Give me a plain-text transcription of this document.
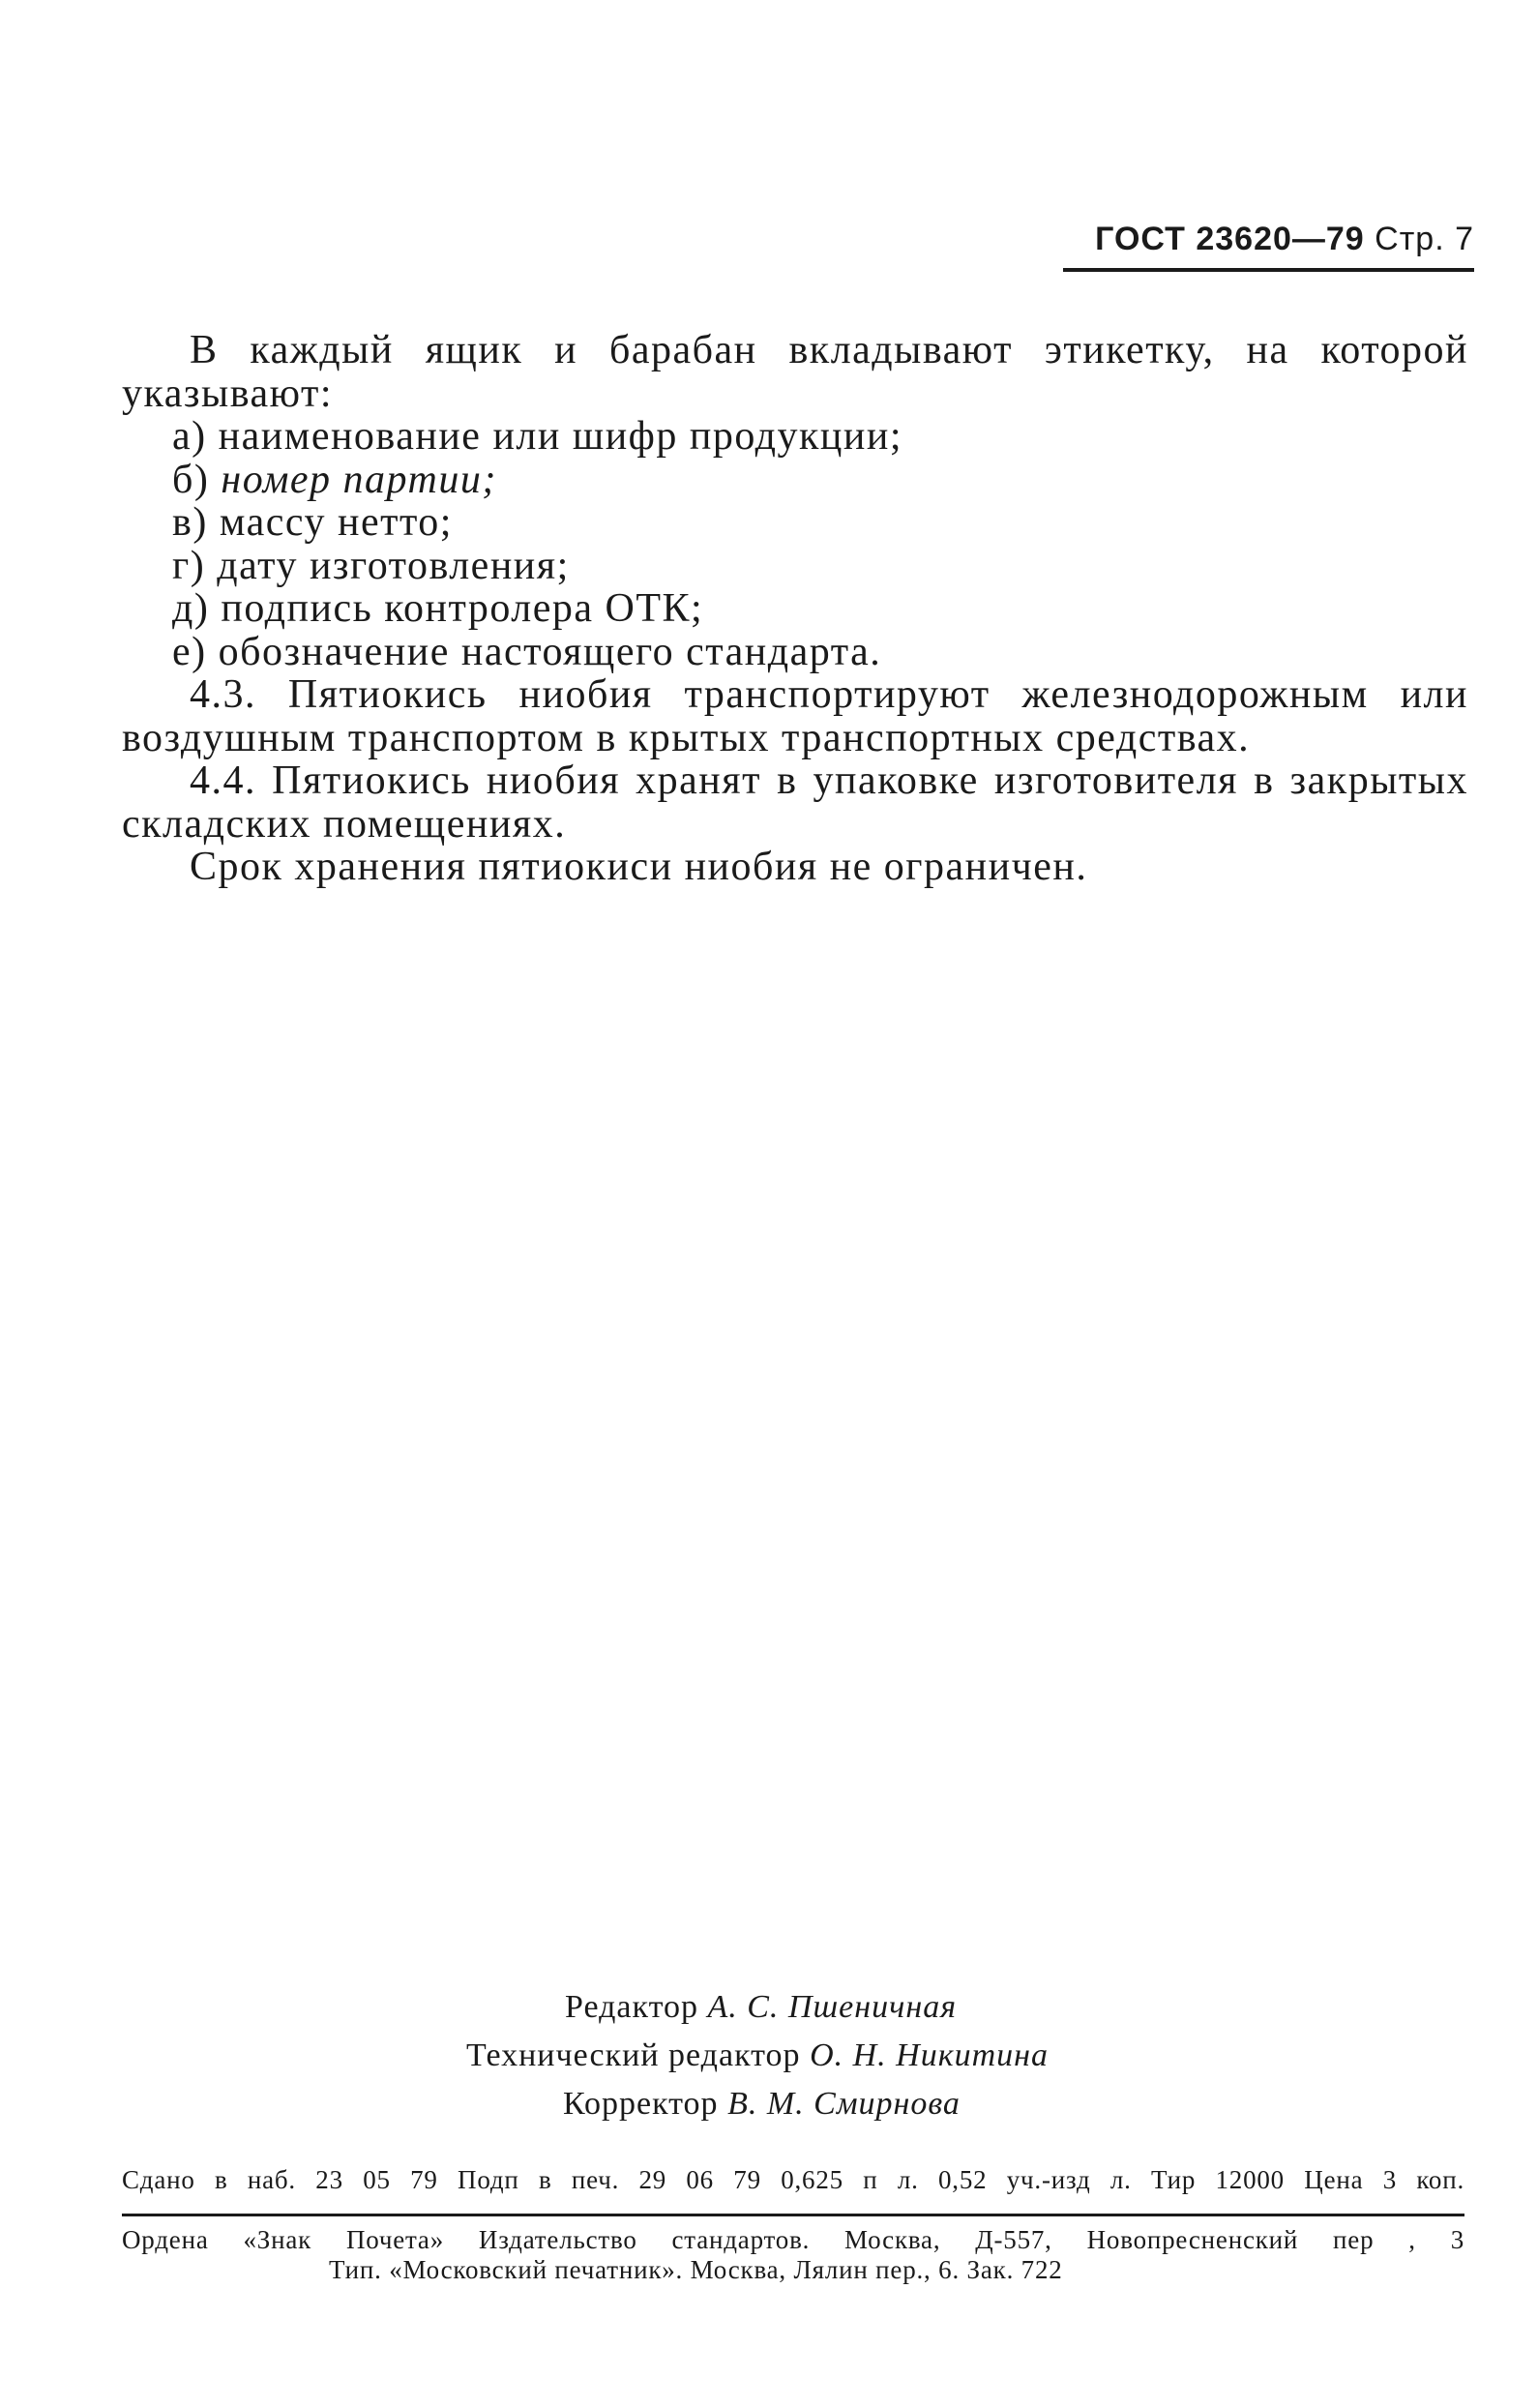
ГОСТ 23620—79 Стр. 7

В каждый ящик и барабан вкладывают этикетку, на которой указывают:

а) наименование или шифр продукции;

б) номер партии;

в) массу нетто;

г) дату изготовления;

д) подпись контролера ОТК;

е) обозначение настоящего стандарта.

4.3. Пятиокись ниобия транспортируют железнодорожным или воздушным транспортом в крытых транспортных средствах.

4.4. Пятиокись ниобия хранят в упаковке изготовителя в закрытых складских помещениях.

Срок хранения пятиокиси ниобия не ограничен.

Редактор А. С. Пшеничная
Технический редактор О. Н. Никитина
Корректор В. М. Смирнова
Сдано в наб. 23 05 79 Подп в печ. 29 06 79 0,625 п л. 0,52 уч.-изд л. Тир 12000 Цена 3 коп.

Ордена «Знак Почета» Издательство стандартов. Москва, Д-557, Новопресненский пер , 3

Тип. «Московский печатник». Москва, Лялин пер., 6. Зак. 722
